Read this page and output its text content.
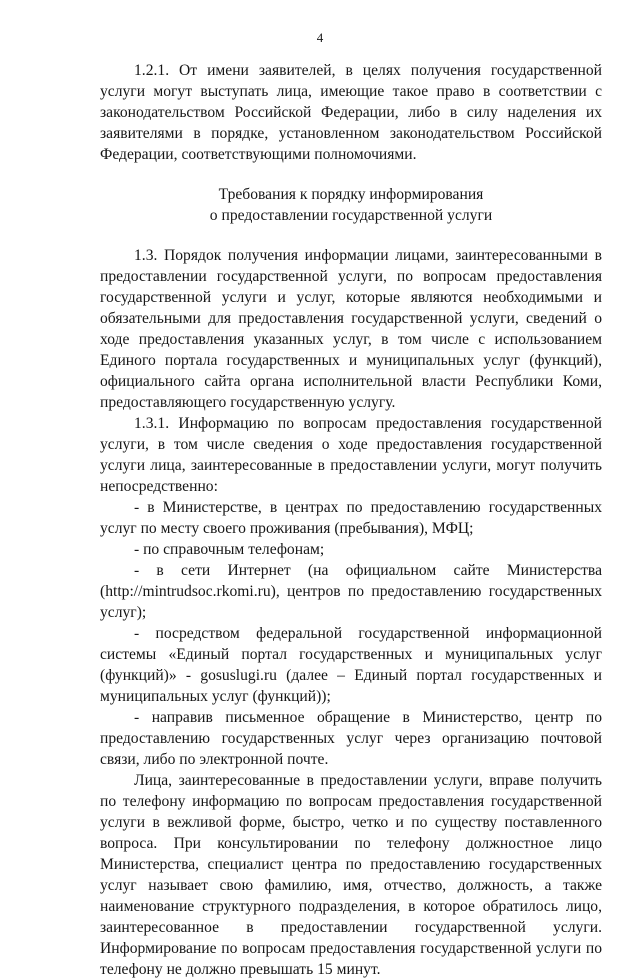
4

1.2.1. От имени заявителей, в целях получения государственной услуги могут выступать лица, имеющие такое право в соответствии с законодательством Российской Федерации, либо в силу наделения их заявителями в порядке, установленном законодательством Российской Федерации, соответствующими полномочиями.

Требования к порядку информирования
о предоставлении государственной услуги

1.3. Порядок получения информации лицами, заинтересованными в предоставлении государственной услуги, по вопросам предоставления государственной услуги и услуг, которые являются необходимыми и обязательными для предоставления государственной услуги, сведений о ходе предоставления указанных услуг, в том числе с использованием Единого портала государственных и муниципальных услуг (функций), официального сайта органа исполнительной власти Республики Коми, предоставляющего государственную услугу.

1.3.1. Информацию по вопросам предоставления государственной услуги, в том числе сведения о ходе предоставления государственной услуги лица, заинтересованные в предоставлении услуги, могут получить непосредственно:

- в Министерстве, в центрах по предоставлению государственных услуг по месту своего проживания (пребывания), МФЦ;

- по справочным телефонам;

- в сети Интернет (на официальном сайте Министерства (http://mintrudsoc.rkomi.ru), центров по предоставлению государственных услуг);

- посредством федеральной государственной информационной системы «Единый портал государственных и муниципальных услуг (функций)» - gosuslugi.ru (далее – Единый портал государственных и муниципальных услуг (функций));

- направив письменное обращение в Министерство, центр по предоставлению государственных услуг через организацию почтовой связи, либо по электронной почте.

Лица, заинтересованные в предоставлении услуги, вправе получить по телефону информацию по вопросам предоставления государственной услуги в вежливой форме, быстро, четко и по существу поставленного вопроса. При консультировании по телефону должностное лицо Министерства, специалист центра по предоставлению государственных услуг называет свою фамилию, имя, отчество, должность, а также наименование структурного подразделения, в которое обратилось лицо, заинтересованное в предоставлении государственной услуги. Информирование по вопросам предоставления государственной услуги по телефону не должно превышать 15 минут.
